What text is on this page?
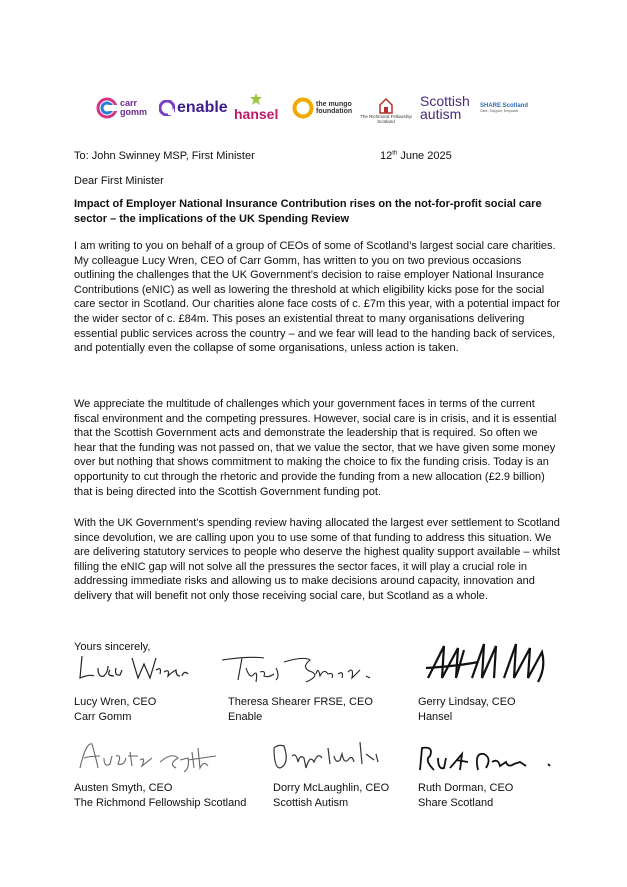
carr gomm enable hansel
the mungo foundation
The Richmond Fellowship Scotland
Scottish autism	SHARE Scotland
Care, Support, Empower
To: John Swinney MSP, First Minister	12th June 2025
Dear First Minister
Impact of Employer National Insurance Contribution rises on the not-for-profit social care sector – the implications of the UK Spending Review
I am writing to you on behalf of a group of CEOs of some of Scotland’s largest social care charities. My colleague Lucy Wren, CEO of Carr Gomm, has written to you on two previous occasions outlining the challenges that the UK Government’s decision to raise employer National Insurance Contributions (eNIC) as well as lowering the threshold at which eligibility kicks pose for the social care sector in Scotland. Our charities alone face costs of c. £7m this year, with a potential impact for the wider sector of c. £84m. This poses an existential threat to many organisations delivering essential public services across the country – and we fear will lead to the handing back of services, and potentially even the collapse of some organisations, unless action is taken.
We appreciate the multitude of challenges which your government faces in terms of the current fiscal environment and the competing pressures. However, social care is in crisis, and it is essential that the Scottish Government acts and demonstrate the leadership that is required. So often we hear that the funding was not passed on, that we value the sector, that we have given some money over but nothing that shows commitment to making the choice to fix the funding crisis. Today is an opportunity to cut through the rhetoric and provide the funding from a new allocation (£2.9 billion) that is being directed into the Scottish Government funding pot.
With the UK Government’s spending review having allocated the largest ever settlement to Scotland since devolution, we are calling upon you to use some of that funding to address this situation. We are delivering statutory services to people who deserve the highest quality support available – whilst filling the eNIC gap will not solve all the pressures the sector faces, it will play a crucial role in addressing immediate risks and allowing us to make decisions around capacity, innovation and delivery that will benefit not only those receiving social care, but Scotland as a whole.
Yours sincerely,
Lucy Wren, CEO
Carr Gomm
Theresa Shearer FRSE, CEO
Enable
Gerry Lindsay, CEO
Hansel
Austen Smyth, CEO
The Richmond Fellowship Scotland
Dorry McLaughlin, CEO
Scottish Autism
Ruth Dorman, CEO
Share Scotland
